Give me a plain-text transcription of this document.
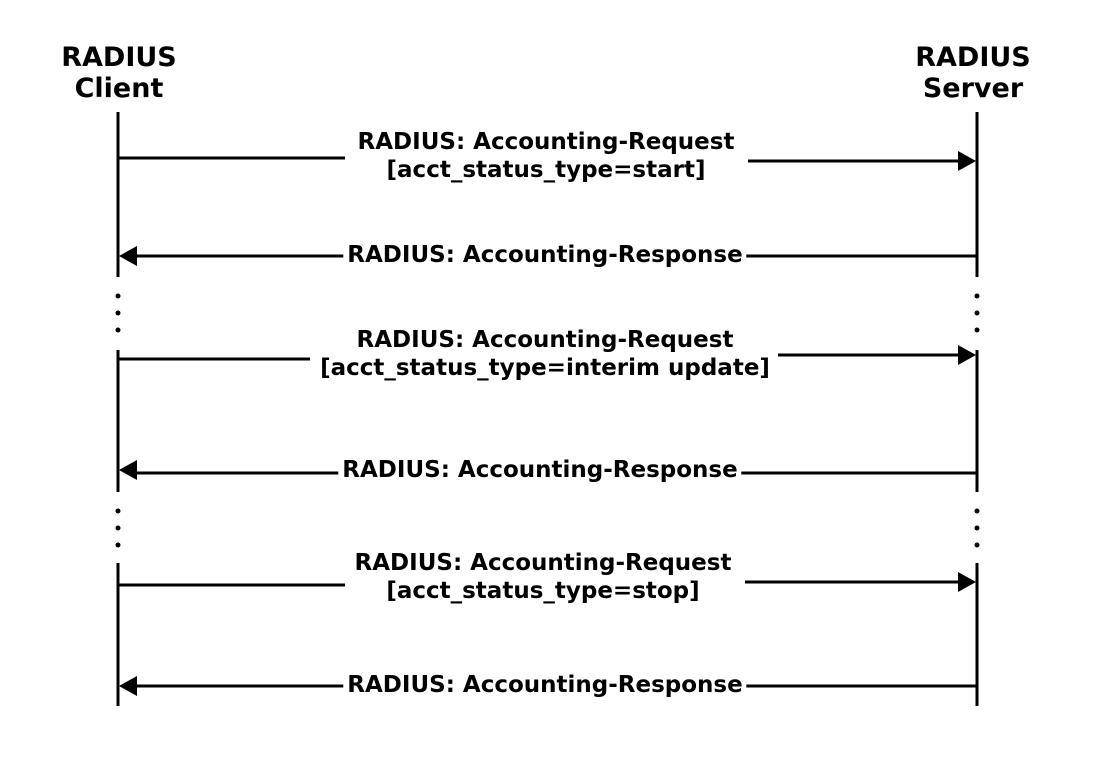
RADIUS
Client
RADIUS
Server
RADIUS: Accounting-Request
[acct_status_type=start]
RADIUS: Accounting-Response
RADIUS: Accounting-Request
[acct_status_type=interim update]
RADIUS: Accounting-Response
RADIUS: Accounting-Request
[acct_status_type=stop]
RADIUS: Accounting-Response
